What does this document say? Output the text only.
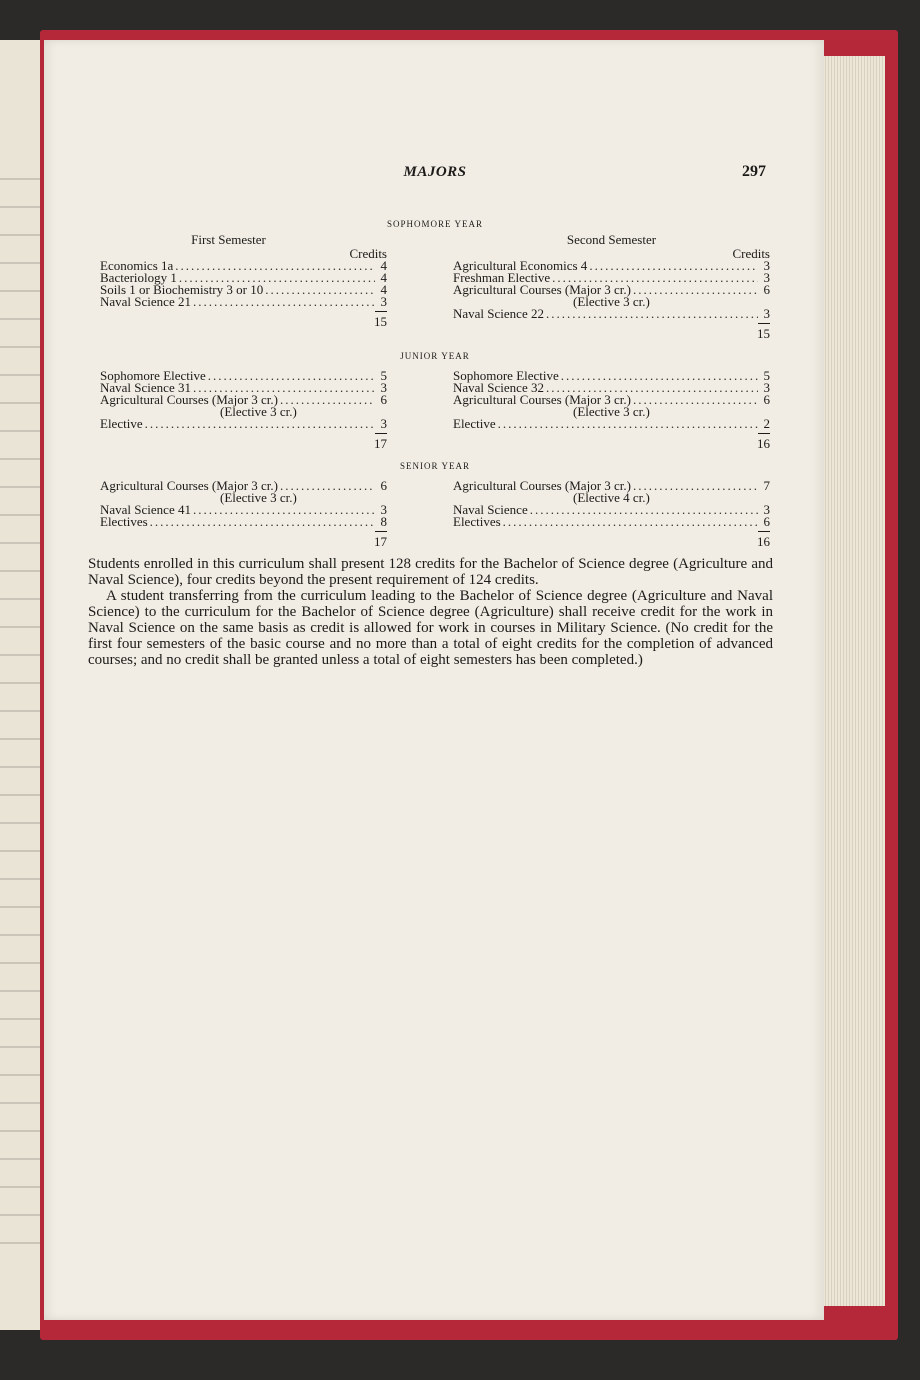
MAJORS	297
SOPHOMORE YEAR
First Semester
Credits
Economics 1a .....	4
Bacteriology 1 .....	4
Soils 1 or Biochemistry 3 or 10 .....	4
Naval Science 21 .....	3
15
Second Semester
Credits
Agricultural Economics 4 .....	3
Freshman Elective .....	3
Agricultural Courses (Major 3 cr.) .....	6
(Elective 3 cr.)
Naval Science 22 .....	3
15
JUNIOR YEAR
Sophomore Elective .....	5
Naval Science 31 .....	3
Agricultural Courses (Major 3 cr.) .....	6
(Elective 3 cr.)
Elective .....	3
17
Sophomore Elective .....	5
Naval Science 32 .....	3
Agricultural Courses (Major 3 cr.) .....	6
(Elective 3 cr.)
Elective .....	2
16
SENIOR YEAR
Agricultural Courses (Major 3 cr.) .....	6
(Elective 3 cr.)
Naval Science 41 .....	3
Electives .....	8
17
Agricultural Courses (Major 3 cr.) .....	7
(Elective 4 cr.)
Naval Science .....	3
Electives .....	6
16

Students enrolled in this curriculum shall present 128 credits for the Bachelor of Science degree (Agriculture and Naval Science), four credits beyond the present requirement of 124 credits.

A student transferring from the curriculum leading to the Bachelor of Science degree (Agriculture and Naval Science) to the curriculum for the Bachelor of Science degree (Agriculture) shall receive credit for the work in Naval Science on the same basis as credit is allowed for work in courses in Military Science. (No credit for the first four semesters of the basic course and no more than a total of eight credits for the completion of advanced courses; and no credit shall be granted unless a total of eight semesters has been completed.)
